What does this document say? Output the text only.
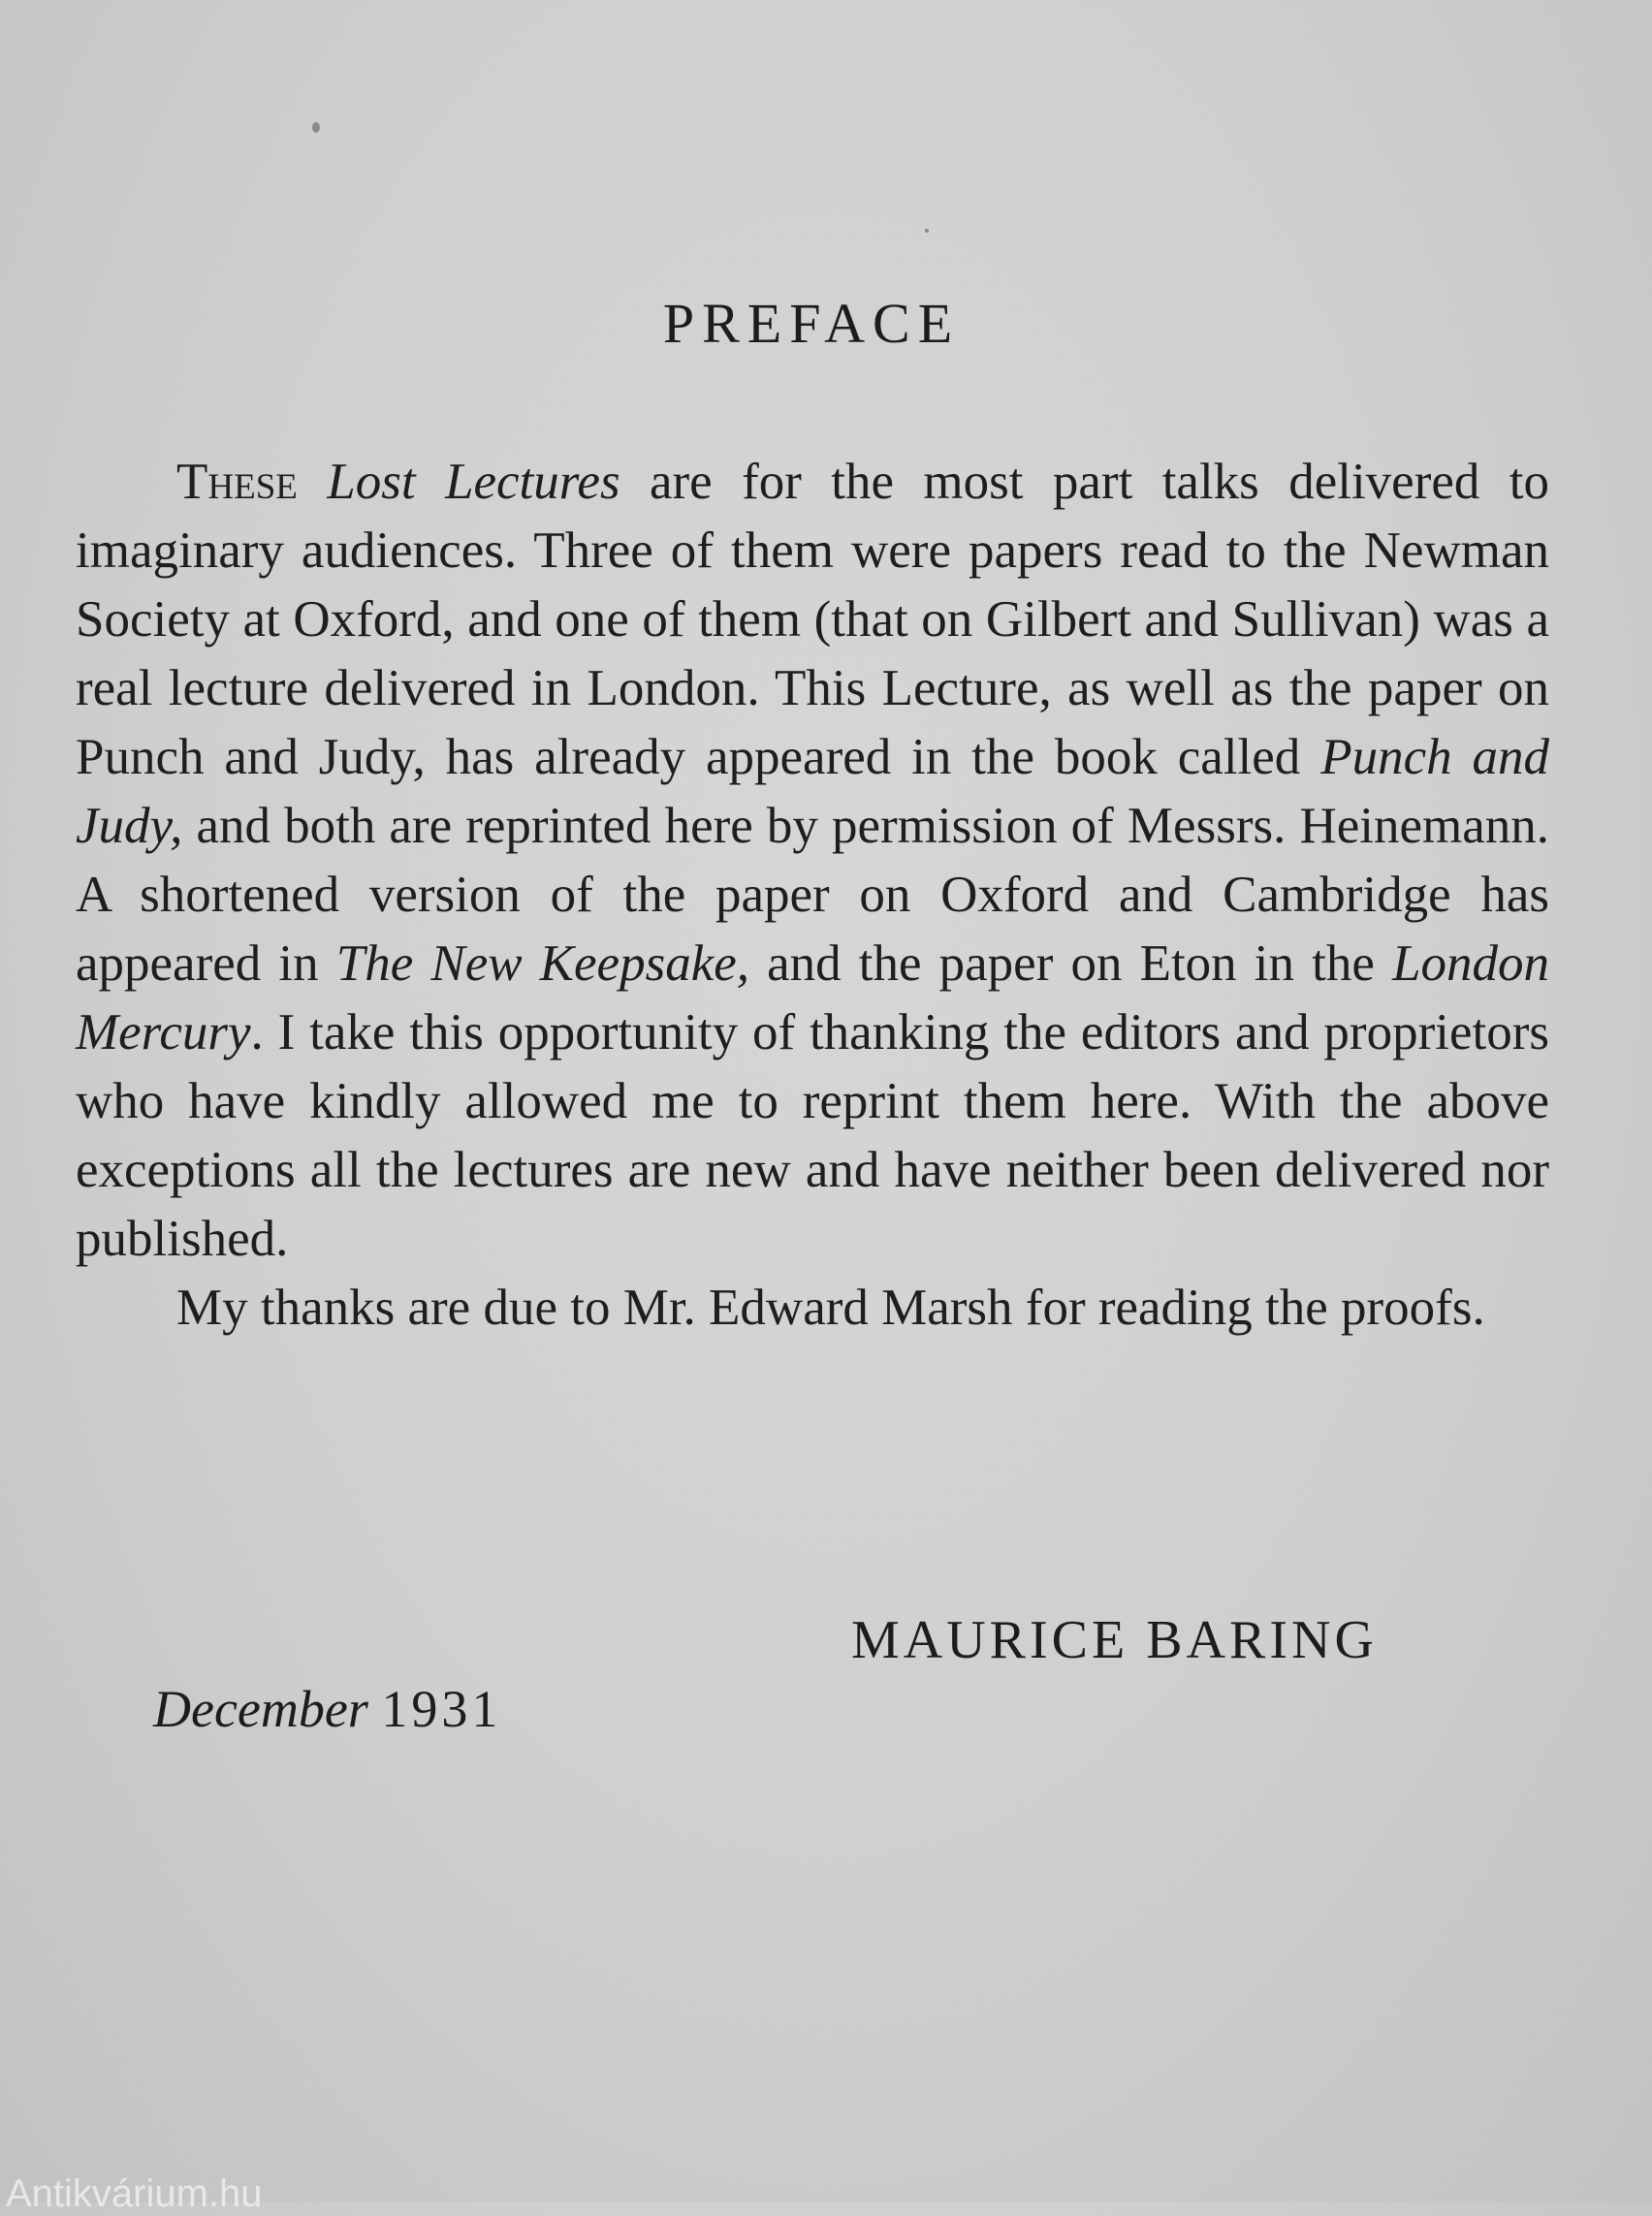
PREFACE

These Lost Lectures are for the most part talks delivered to imaginary audiences. Three of them were papers read to the Newman Society at Oxford, and one of them (that on Gilbert and Sullivan) was a real lecture delivered in London. This Lecture, as well as the paper on Punch and Judy, has already appeared in the book called Punch and Judy, and both are reprinted here by permission of Messrs. Heinemann. A shortened version of the paper on Oxford and Cambridge has appeared in The New Keepsake, and the paper on Eton in the London Mercury. I take this opportunity of thanking the editors and proprietors who have kindly allowed me to reprint them here. With the above exceptions all the lectures are new and have neither been delivered nor published.

My thanks are due to Mr. Edward Marsh for reading the proofs.

MAURICE BARING
December 1931
Antikvárium.hu
